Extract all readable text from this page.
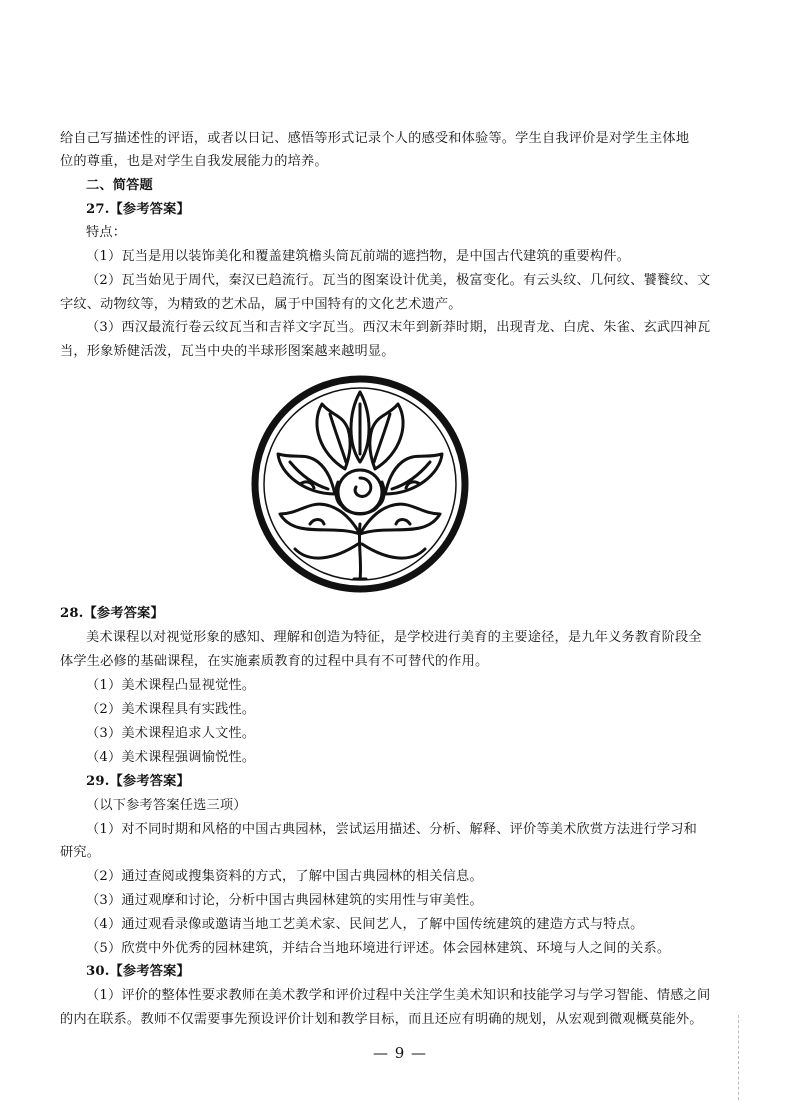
给自己写描述性的评语，或者以日记、感悟等形式记录个人的感受和体验等。学生自我评价是对学生主体地
位的尊重，也是对学生自我发展能力的培养。
二、简答题
27.【参考答案】
特点：
（1）瓦当是用以装饰美化和覆盖建筑檐头筒瓦前端的遮挡物，是中国古代建筑的重要构件。
（2）瓦当始见于周代，秦汉已趋流行。瓦当的图案设计优美，极富变化。有云头纹、几何纹、饕餮纹、文
字纹、动物纹等，为精致的艺术品，属于中国特有的文化艺术遗产。
（3）西汉最流行卷云纹瓦当和吉祥文字瓦当。西汉末年到新莽时期，出现青龙、白虎、朱雀、玄武四神瓦
当，形象矫健活泼，瓦当中央的半球形图案越来越明显。
28.【参考答案】
美术课程以对视觉形象的感知、理解和创造为特征，是学校进行美育的主要途径，是九年义务教育阶段全
体学生必修的基础课程，在实施素质教育的过程中具有不可替代的作用。
（1）美术课程凸显视觉性。
（2）美术课程具有实践性。
（3）美术课程追求人文性。
（4）美术课程强调愉悦性。
29.【参考答案】
（以下参考答案任选三项）
（1）对不同时期和风格的中国古典园林，尝试运用描述、分析、解释、评价等美术欣赏方法进行学习和
研究。
（2）通过查阅或搜集资料的方式，了解中国古典园林的相关信息。
（3）通过观摩和讨论，分析中国古典园林建筑的实用性与审美性。
（4）通过观看录像或邀请当地工艺美术家、民间艺人，了解中国传统建筑的建造方式与特点。
（5）欣赏中外优秀的园林建筑，并结合当地环境进行评述。体会园林建筑、环境与人之间的关系。
30.【参考答案】
（1）评价的整体性要求教师在美术教学和评价过程中关注学生美术知识和技能学习与学习智能、情感之间
的内在联系。教师不仅需要事先预设评价计划和教学目标，而且还应有明确的规划，从宏观到微观概莫能外。
— 9 —
